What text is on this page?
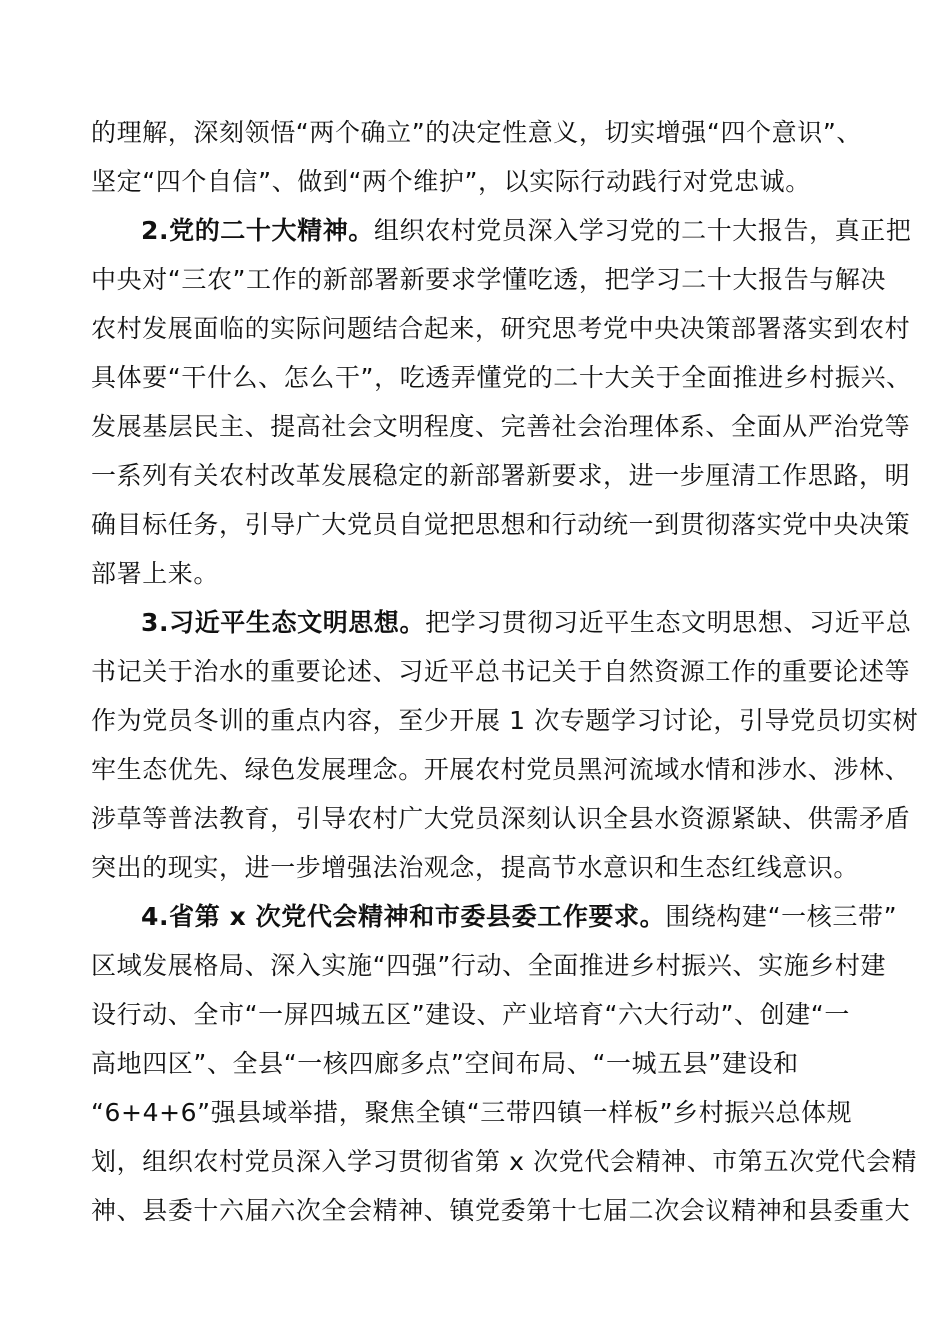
的理解，深刻领悟“两个确立”的决定性意义，切实增强“四个意识”、
坚定“四个自信”、做到“两个维护”，以实际行动践行对党忠诚。
2.党的二十大精神。组织农村党员深入学习党的二十大报告，真正把
中央对“三农”工作的新部署新要求学懂吃透，把学习二十大报告与解决
农村发展面临的实际问题结合起来，研究思考党中央决策部署落实到农村
具体要“干什么、怎么干”，吃透弄懂党的二十大关于全面推进乡村振兴、
发展基层民主、提高社会文明程度、完善社会治理体系、全面从严治党等
一系列有关农村改革发展稳定的新部署新要求，进一步厘清工作思路，明
确目标任务，引导广大党员自觉把思想和行动统一到贯彻落实党中央决策
部署上来。
3.习近平生态文明思想。把学习贯彻习近平生态文明思想、习近平总
书记关于治水的重要论述、习近平总书记关于自然资源工作的重要论述等
作为党员冬训的重点内容，至少开展 1 次专题学习讨论，引导党员切实树
牢生态优先、绿色发展理念。开展农村党员黑河流域水情和涉水、涉林、
涉草等普法教育，引导农村广大党员深刻认识全县水资源紧缺、供需矛盾
突出的现实，进一步增强法治观念，提高节水意识和生态红线意识。
4.省第 x 次党代会精神和市委县委工作要求。围绕构建“一核三带”
区域发展格局、深入实施“四强”行动、全面推进乡村振兴、实施乡村建
设行动、全市“一屏四城五区”建设、产业培育“六大行动”、创建“一
高地四区”、全县“一核四廊多点”空间布局、“一城五县”建设和
“6+4+6”强县域举措，聚焦全镇“三带四镇一样板”乡村振兴总体规
划，组织农村党员深入学习贯彻省第 x 次党代会精神、市第五次党代会精
神、县委十六届六次全会精神、镇党委第十七届二次会议精神和县委重大
